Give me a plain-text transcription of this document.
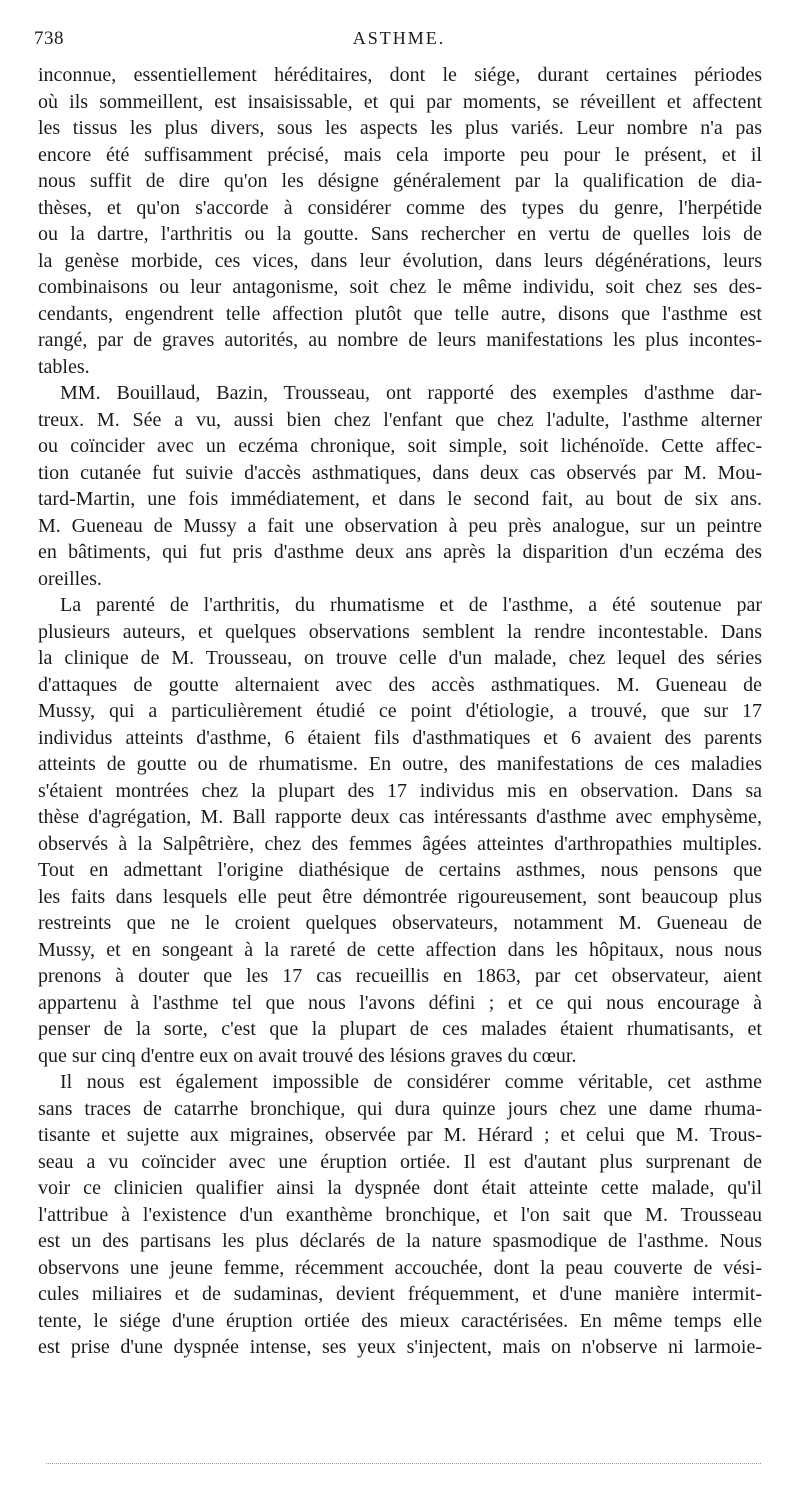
738	ASTHME.
inconnue, essentiellement héréditaires, dont le siége, durant certaines périodes
où ils sommeillent, est insaisissable, et qui par moments, se réveillent et affectent
les tissus les plus divers, sous les aspects les plus variés. Leur nombre n'a pas
encore été suffisamment précisé, mais cela importe peu pour le présent, et il
nous suffit de dire qu'on les désigne généralement par la qualification de dia-
thèses, et qu'on s'accorde à considérer comme des types du genre, l'herpétide
ou la dartre, l'arthritis ou la goutte. Sans rechercher en vertu de quelles lois de
la genèse morbide, ces vices, dans leur évolution, dans leurs dégénérations, leurs
combinaisons ou leur antagonisme, soit chez le même individu, soit chez ses des-
cendants, engendrent telle affection plutôt que telle autre, disons que l'asthme est
rangé, par de graves autorités, au nombre de leurs manifestations les plus incontes-
tables.
MM. Bouillaud, Bazin, Trousseau, ont rapporté des exemples d'asthme dar-
treux. M. Sée a vu, aussi bien chez l'enfant que chez l'adulte, l'asthme alterner
ou coïncider avec un eczéma chronique, soit simple, soit lichénoïde. Cette affec-
tion cutanée fut suivie d'accès asthmatiques, dans deux cas observés par M. Mou-
tard-Martin, une fois immédiatement, et dans le second fait, au bout de six ans.
M. Gueneau de Mussy a fait une observation à peu près analogue, sur un peintre
en bâtiments, qui fut pris d'asthme deux ans après la disparition d'un eczéma des
oreilles.
La parenté de l'arthritis, du rhumatisme et de l'asthme, a été soutenue par
plusieurs auteurs, et quelques observations semblent la rendre incontestable. Dans
la clinique de M. Trousseau, on trouve celle d'un malade, chez lequel des séries
d'attaques de goutte alternaient avec des accès asthmatiques. M. Gueneau de
Mussy, qui a particulièrement étudié ce point d'étiologie, a trouvé, que sur 17
individus atteints d'asthme, 6 étaient fils d'asthmatiques et 6 avaient des parents
atteints de goutte ou de rhumatisme. En outre, des manifestations de ces maladies
s'étaient montrées chez la plupart des 17 individus mis en observation. Dans sa
thèse d'agrégation, M. Ball rapporte deux cas intéressants d'asthme avec emphysème,
observés à la Salpêtrière, chez des femmes âgées atteintes d'arthropathies multiples.
Tout en admettant l'origine diathésique de certains asthmes, nous pensons que
les faits dans lesquels elle peut être démontrée rigoureusement, sont beaucoup plus
restreints que ne le croient quelques observateurs, notamment M. Gueneau de
Mussy, et en songeant à la rareté de cette affection dans les hôpitaux, nous nous
prenons à douter que les 17 cas recueillis en 1863, par cet observateur, aient
appartenu à l'asthme tel que nous l'avons défini ; et ce qui nous encourage à
penser de la sorte, c'est que la plupart de ces malades étaient rhumatisants, et
que sur cinq d'entre eux on avait trouvé des lésions graves du cœur.
Il nous est également impossible de considérer comme véritable, cet asthme
sans traces de catarrhe bronchique, qui dura quinze jours chez une dame rhuma-
tisante et sujette aux migraines, observée par M. Hérard ; et celui que M. Trous-
seau a vu coïncider avec une éruption ortiée. Il est d'autant plus surprenant de
voir ce clinicien qualifier ainsi la dyspnée dont était atteinte cette malade, qu'il
l'attribue à l'existence d'un exanthème bronchique, et l'on sait que M. Trousseau
est un des partisans les plus déclarés de la nature spasmodique de l'asthme. Nous
observons une jeune femme, récemment accouchée, dont la peau couverte de vési-
cules miliaires et de sudaminas, devient fréquemment, et d'une manière intermit-
tente, le siége d'une éruption ortiée des mieux caractérisées. En même temps elle
est prise d'une dyspnée intense, ses yeux s'injectent, mais on n'observe ni larmoie-
